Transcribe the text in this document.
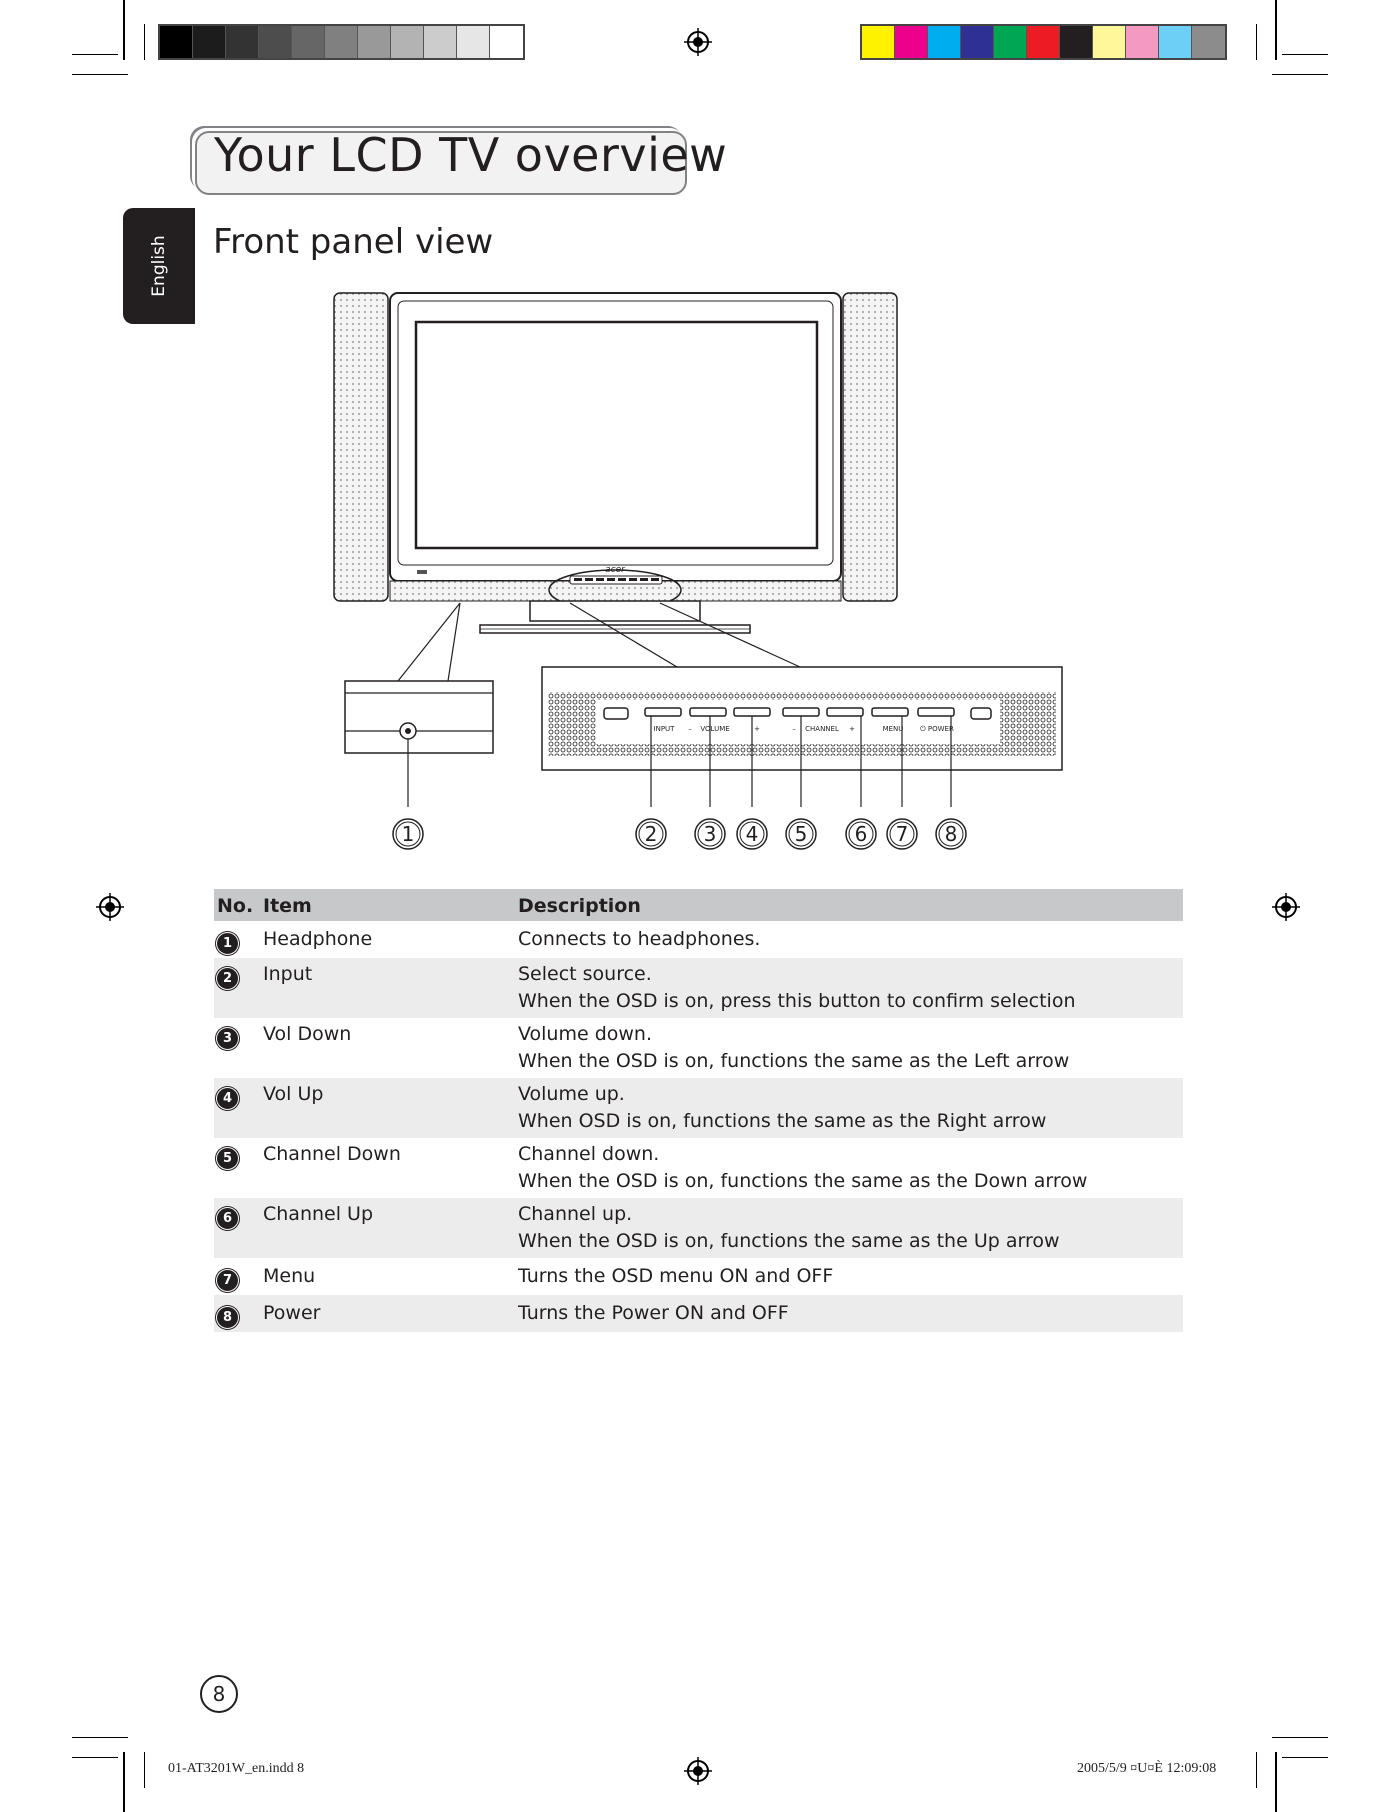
Your LCD TV overview
English Front panel view
acer
INPUT – VOLUME	+	– CHANNEL +	MENU ⏻ POWER
1	2 3 4 5 6 7 8
No. Item	Description
1	Headphone	Connects to headphones.
2	Input	Select source.
When the OSD is on, press this button to confirm selection
3	Vol Down	Volume down.
When the OSD is on, functions the same as the Left arrow
4	Vol Up	Volume up.
When OSD is on, functions the same as the Right arrow
5	Channel Down	Channel down.
When the OSD is on, functions the same as the Down arrow
6	Channel Up	Channel up.
When the OSD is on, functions the same as the Up arrow
7	Menu	Turns the OSD menu ON and OFF
8	Power	Turns the Power ON and OFF
8
01-AT3201W_en.indd 8	2005/5/9 ¤U¤È 12:09:08
